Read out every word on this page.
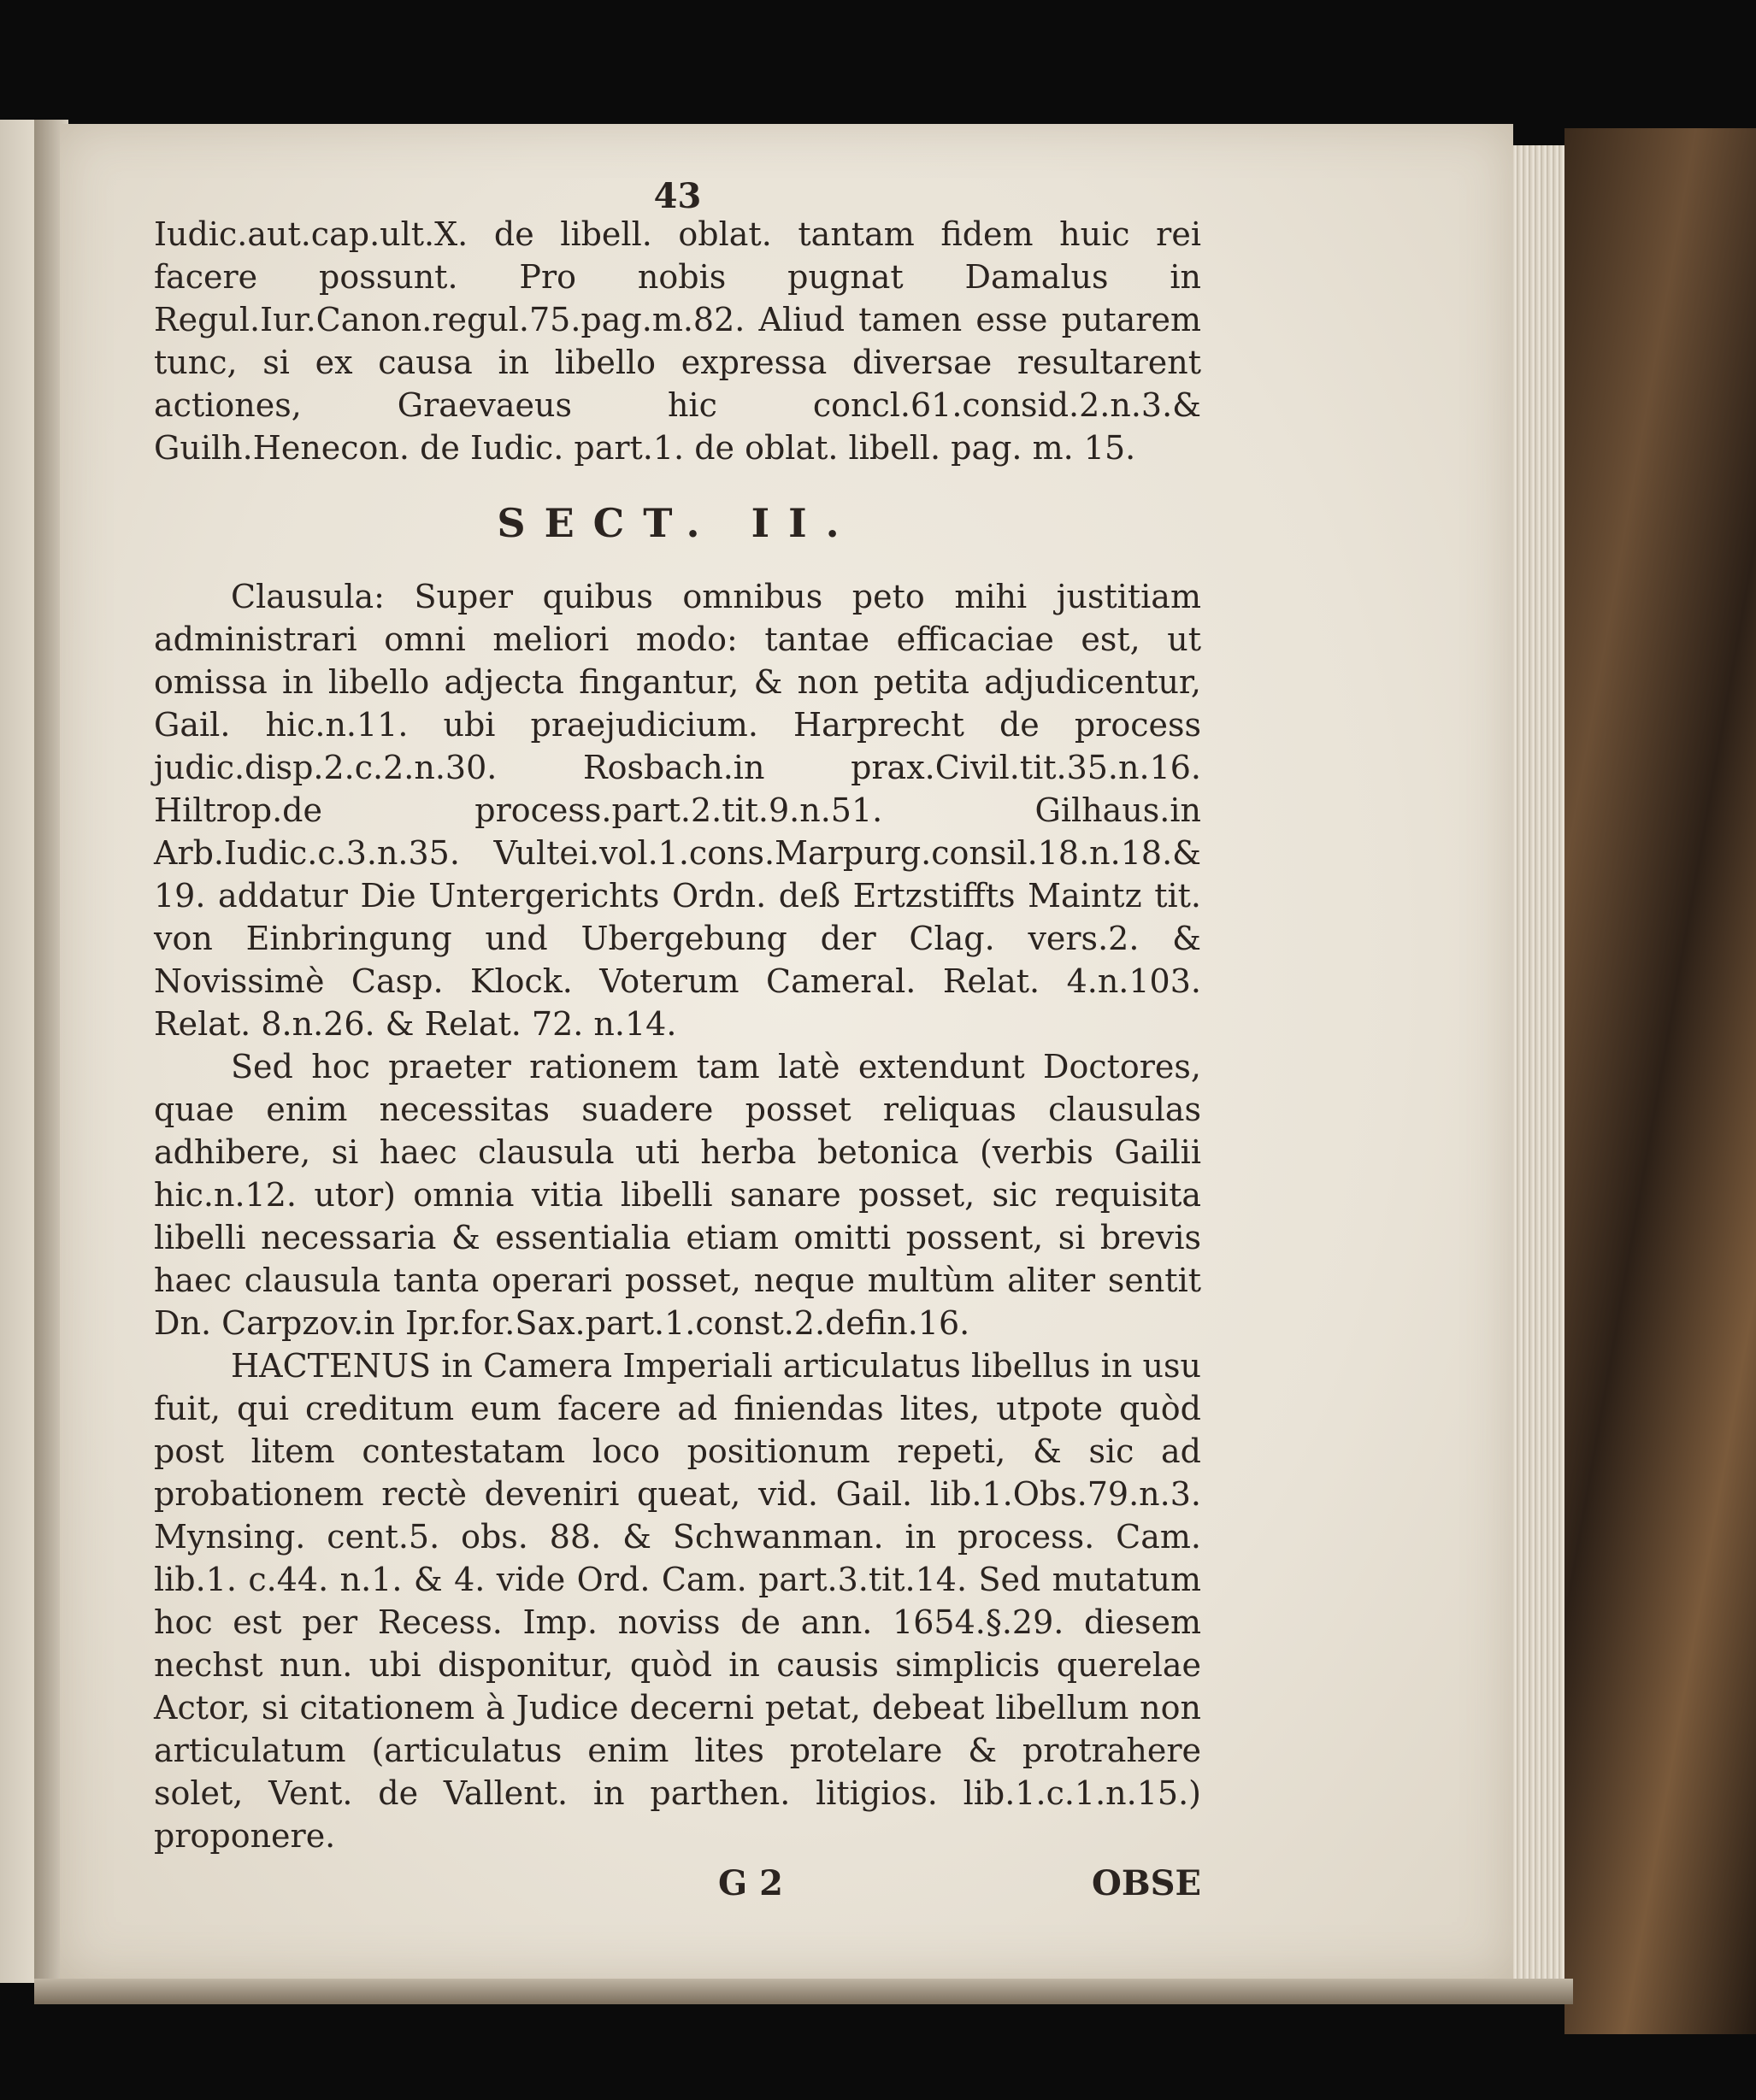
43

Iudic.aut.cap.ult.X. de libell. oblat. tantam fidem huic rei facere possunt. Pro nobis pugnat Damalus in Regul.Iur.Canon.regul.75.pag.m.82. Aliud tamen esse putarem tunc, si ex causa in libello expressa diversae resultarent actiones, Graevaeus hic concl.61.consid.2.n.3.& Guilh.Henecon. de Iudic. part.1. de oblat. libell. pag. m. 15.

SECT. II.

Clausula: Super quibus omnibus peto mihi justitiam administrari omni meliori modo: tantae efficaciae est, ut omissa in libello adjecta fingantur, & non petita adjudicentur, Gail. hic.n.11. ubi praejudicium. Harprecht de process judic.disp.2.c.2.n.30. Rosbach.in prax.Civil.tit.35.n.16. Hiltrop.de process.part.2.tit.9.n.51. Gilhaus.in Arb.Iudic.c.3.n.35. Vultei.vol.1.cons.Marpurg.consil.18.n.18.& 19. addatur Die Untergerichts Ordn. deß Ertzstiffts Maintz tit. von Einbringung und Ubergebung der Clag. vers.2. & Novissimè Casp. Klock. Voterum Cameral. Relat. 4.n.103. Relat. 8.n.26. & Relat. 72. n.14.

Sed hoc praeter rationem tam latè extendunt Doctores, quae enim necessitas suadere posset reliquas clausulas adhibere, si haec clausula uti herba betonica (verbis Gailii hic.n.12. utor) omnia vitia libelli sanare posset, sic requisita libelli necessaria & essentialia etiam omitti possent, si brevis haec clausula tanta operari posset, neque multùm aliter sentit Dn. Carpzov.in Ipr.for.Sax.part.1.const.2.defin.16.

HACTENUS in Camera Imperiali articulatus libellus in usu fuit, qui creditum eum facere ad finiendas lites, utpote quòd post litem contestatam loco positionum repeti, & sic ad probationem rectè deveniri queat, vid. Gail. lib.1.Obs.79.n.3. Mynsing. cent.5. obs. 88. & Schwanman. in process. Cam. lib.1. c.44. n.1. & 4. vide Ord. Cam. part.3.tit.14. Sed mutatum hoc est per Recess. Imp. noviss de ann. 1654.§.29. diesem nechst nun. ubi disponitur, quòd in causis simplicis querelae Actor, si citationem à Judice decerni petat, debeat libellum non articulatum (articulatus enim lites protelare & protrahere solet, Vent. de Vallent. in parthen. litigios. lib.1.c.1.n.15.) proponere.

G 2	OBSE
